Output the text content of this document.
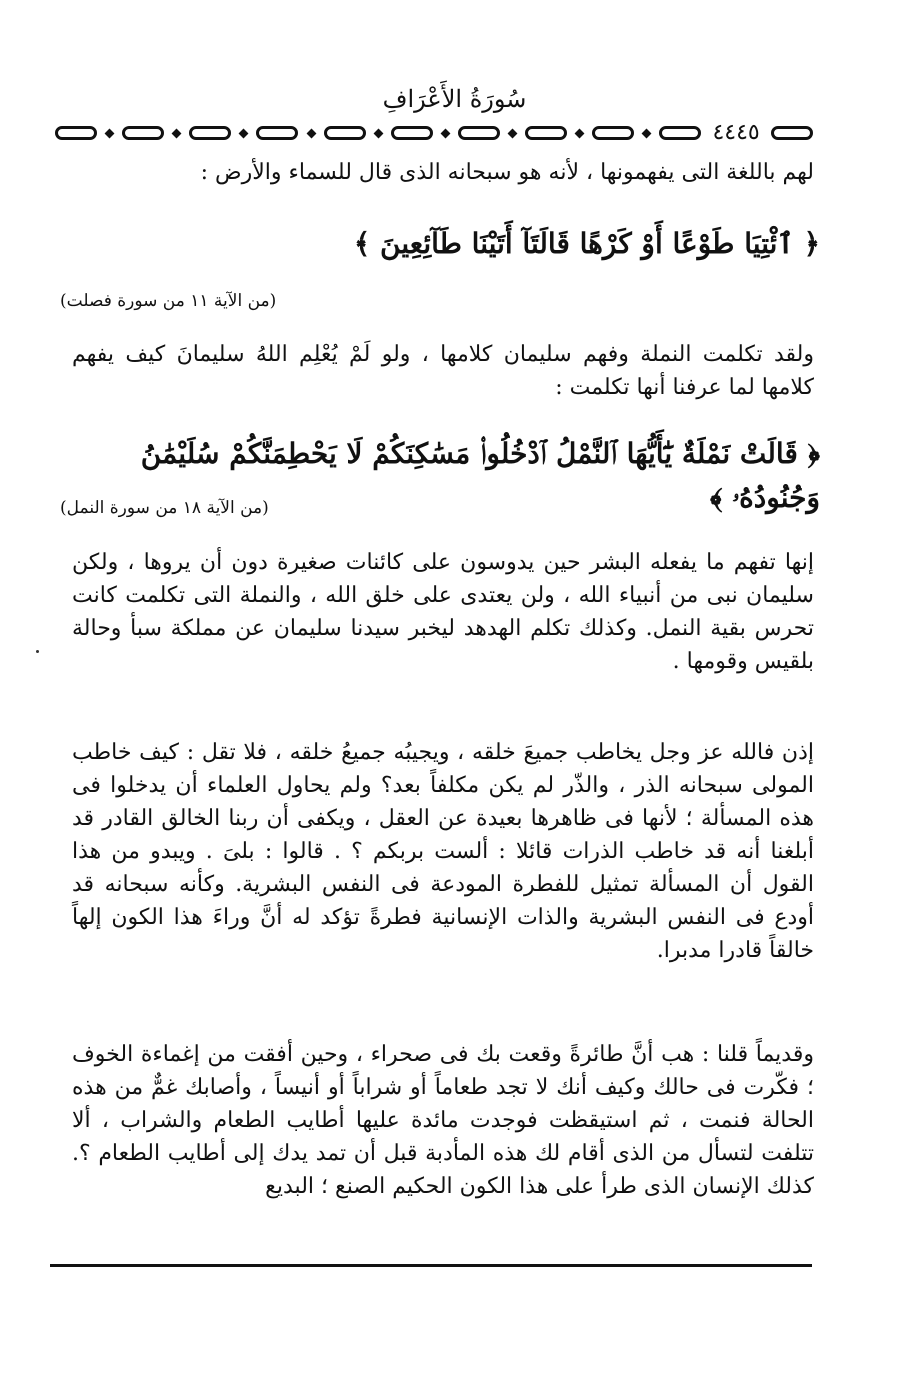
سُورَةُ الأَعْرَافِ
٤٤٤٥
لهم باللغة التى يفهمونها ، لأنه هو سبحانه الذى قال للسماء والأرض :
﴿ ٱئْتِيَا طَوْعًا أَوْ كَرْهًا قَالَتَآ أَتَيْنَا طَآئِعِينَ ﴾
(من الآية ١١ من سورة فصلت)
ولقد تكلمت النملة وفهم سليمان كلامها ، ولو لَمْ يُعْلِم اللهُ سليمانَ كيف يفهم كلامها لما عرفنا أنها تكلمت :
﴿ قَالَتْ نَمْلَةٌ يَٰٓأَيُّهَا ٱلنَّمْلُ ٱدْخُلُوا۟ مَسَٰكِنَكُمْ لَا يَحْطِمَنَّكُمْ سُلَيْمَٰنُ وَجُنُودُهُۥ ﴾
(من الآية ١٨ من سورة النمل)
إنها تفهم ما يفعله البشر حين يدوسون على كائنات صغيرة دون أن يروها ، ولكن سليمان نبى من أنبياء الله ، ولن يعتدى على خلق الله ، والنملة التى تكلمت كانت تحرس بقية النمل. وكذلك تكلم الهدهد ليخبر سيدنا سليمان عن مملكة سبأ وحالة بلقيس وقومها .
إذن فالله عز وجل يخاطب جميعَ خلقه ، ويجيبُه جميعُ خلقه ، فلا تقل : كيف خاطب المولى سبحانه الذر ، والذّر لم يكن مكلفاً بعد؟ ولم يحاول العلماء أن يدخلوا فى هذه المسألة ؛ لأنها فى ظاهرها بعيدة عن العقل ، ويكفى أن ربنا الخالق القادر قد أبلغنا أنه قد خاطب الذرات قائلا : ألست بربكم ؟ . قالوا : بلىَ . ويبدو من هذا القول أن المسألة تمثيل للفطرة المودعة فى النفس البشرية. وكأنه سبحانه قد أودع فى النفس البشرية والذات الإنسانية فطرةً تؤكد له أنَّ وراءَ هذا الكون إلهاً خالقاً قادرا مدبرا.
وقديماً قلنا : هب أنَّ طائرةً وقعت بك فى صحراء ، وحين أفقت من إغماءة الخوف ؛ فكّرت فى حالك وكيف أنك لا تجد طعاماً أو شراباً أو أنيساً ، وأصابك غمٌّ من هذه الحالة فنمت ، ثم استيقظت فوجدت مائدة عليها أطايب الطعام والشراب ، ألا تتلفت لتسأل من الذى أقام لك هذه المأدبة قبل أن تمد يدك إلى أطايب الطعام ؟. كذلك الإنسان الذى طرأ على هذا الكون الحكيم الصنع ؛ البديع
